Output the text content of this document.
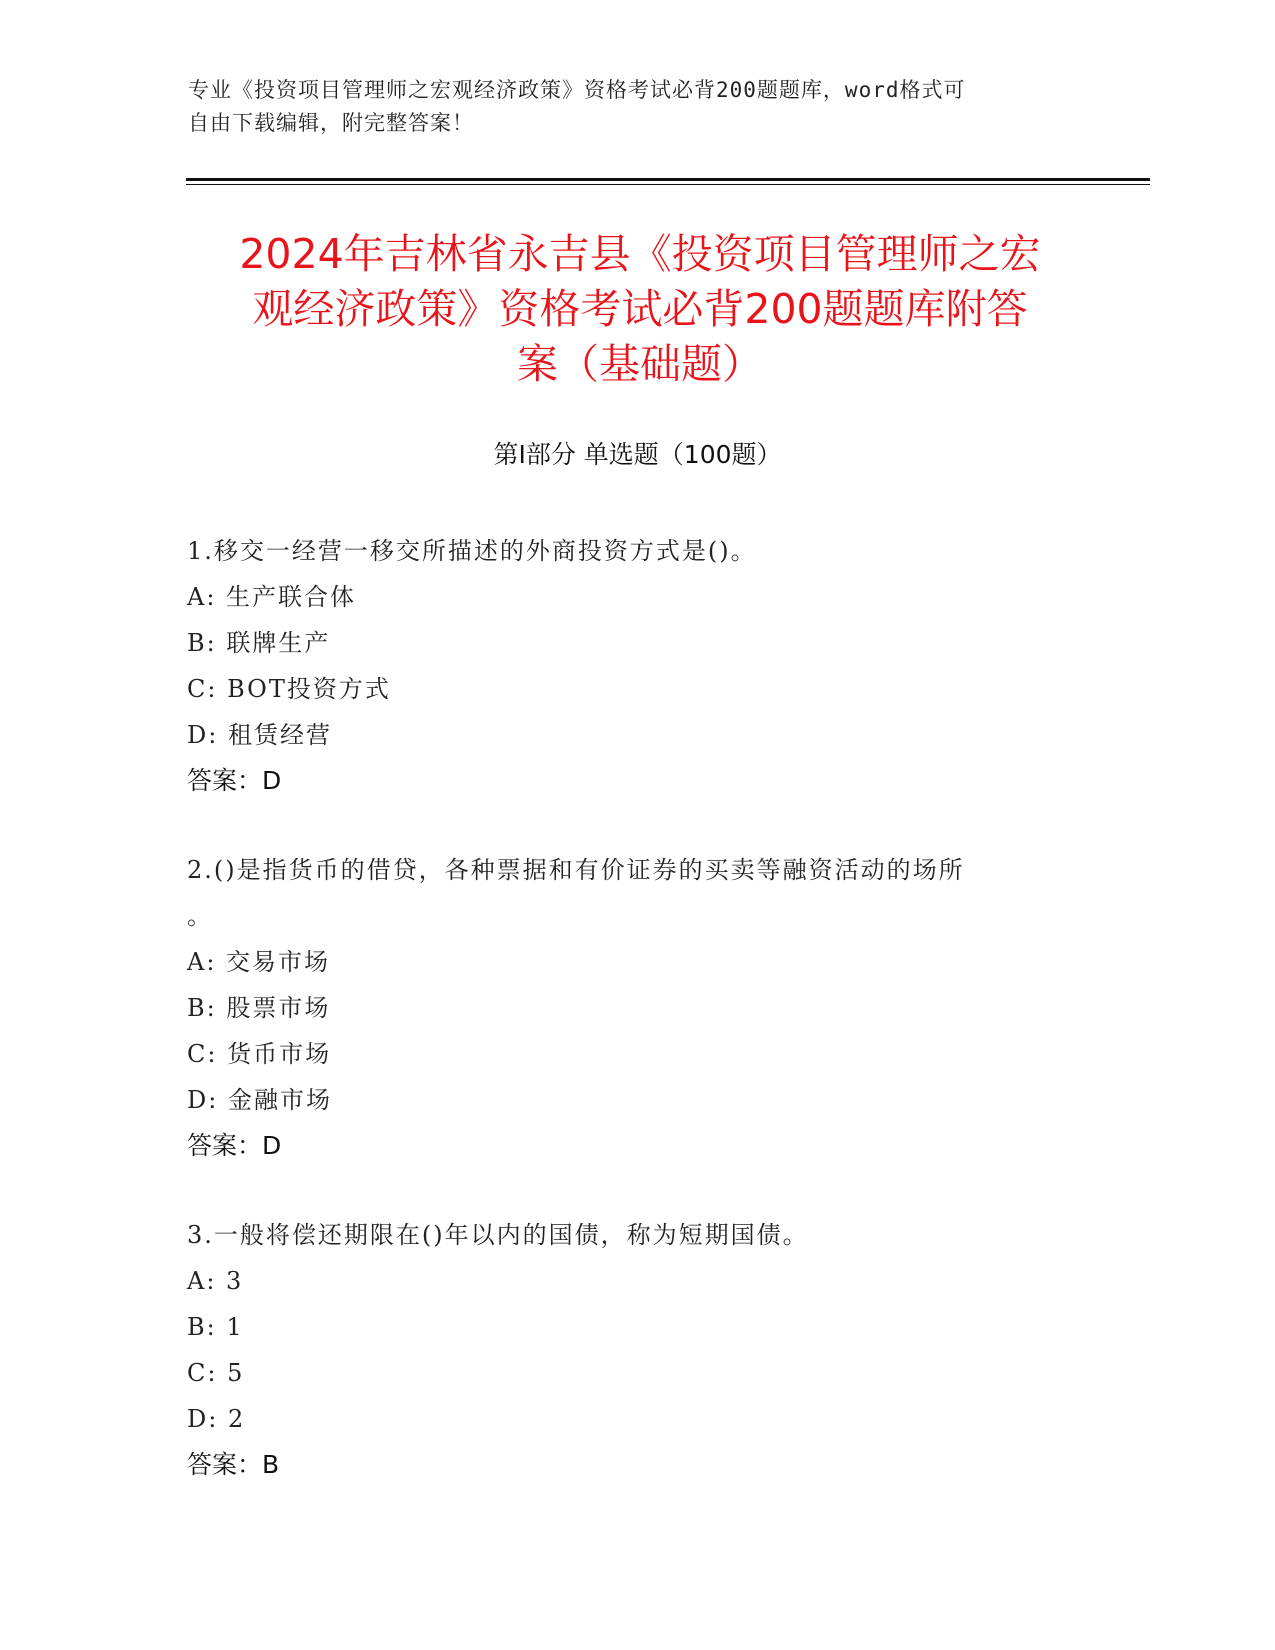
专业《投资项目管理师之宏观经济政策》资格考试必背200题题库，word格式可
自由下载编辑，附完整答案！
2024年吉林省永吉县《投资项目管理师之宏
观经济政策》资格考试必背200题题库附答
案（基础题）
第I部分 单选题（100题）
1.移交一经营一移交所描述的外商投资方式是()。
A: 生产联合体
B: 联牌生产
C: BOT投资方式
D: 租赁经营
答案：D
2.()是指货币的借贷，各种票据和有价证券的买卖等融资活动的场所
。
A: 交易市场
B: 股票市场
C: 货币市场
D: 金融市场
答案：D
3.一般将偿还期限在()年以内的国债，称为短期国债。
A: 3
B: 1
C: 5
D: 2
答案：B
